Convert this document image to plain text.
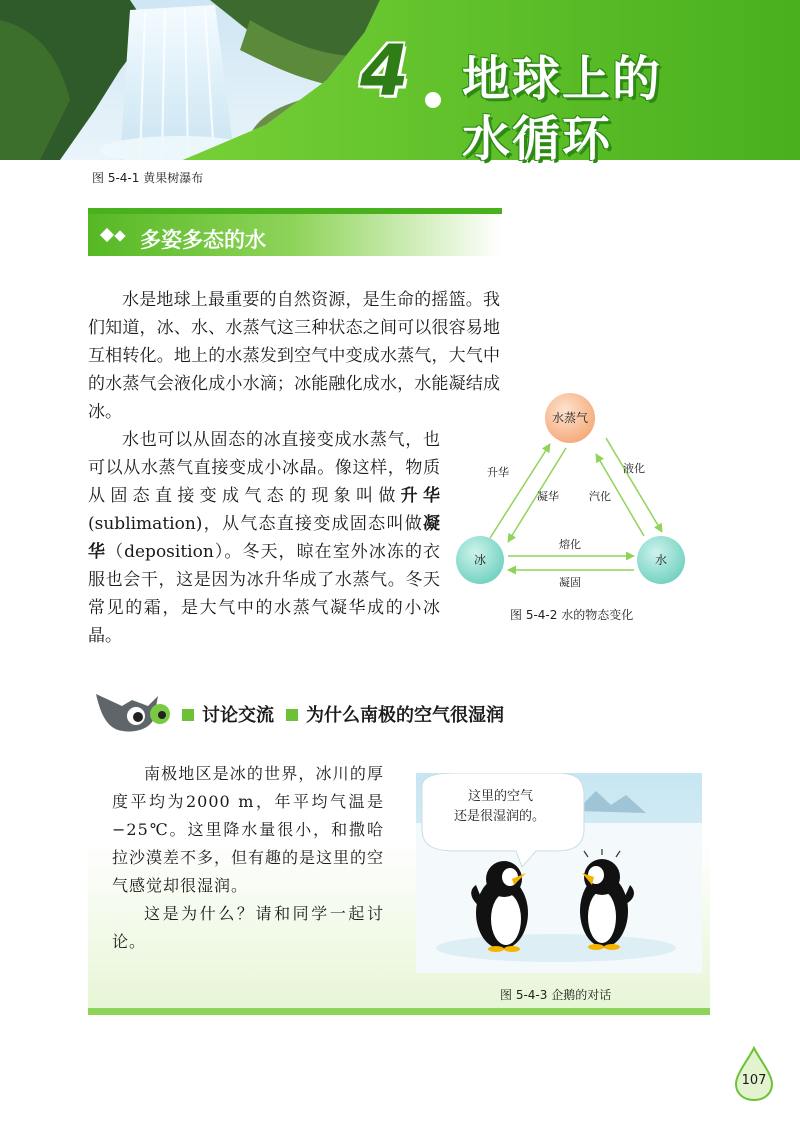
4 地球上的
水循环
图 5-4-1 黄果树瀑布
多姿多态的水
水是地球上最重要的自然资源，是生命的摇篮。我们知道，冰、水、水蒸气这三种状态之间可以很容易地互相转化。地上的水蒸发到空气中变成水蒸气，大气中的水蒸气会液化成小水滴；冰能融化成水，水能凝结成冰。
水也可以从固态的冰直接变成水蒸气，也可以从水蒸气直接变成小冰晶。像这样，物质从固态直接变成气态的现象叫做升华(sublimation)，从气态直接变成固态叫做凝华（deposition）。冬天，晾在室外冰冻的衣服也会干，这是因为冰升华成了水蒸气。冬天常见的霜，是大气中的水蒸气凝华成的小冰晶。
水蒸气
冰	水
升华
凝华
液化
汽化
熔化
凝固
图 5-4-2 水的物态变化
讨论交流 为什么南极的空气很湿润

南极地区是冰的世界，冰川的厚度平均为2000 m，年平均气温是−25℃。这里降水量很小，和撒哈拉沙漠差不多，但有趣的是这里的空气感觉却很湿润。

这是为什么？请和同学一起讨论。

这里的空气
还是很湿润的。
图 5-4-3 企鹅的对话
107
